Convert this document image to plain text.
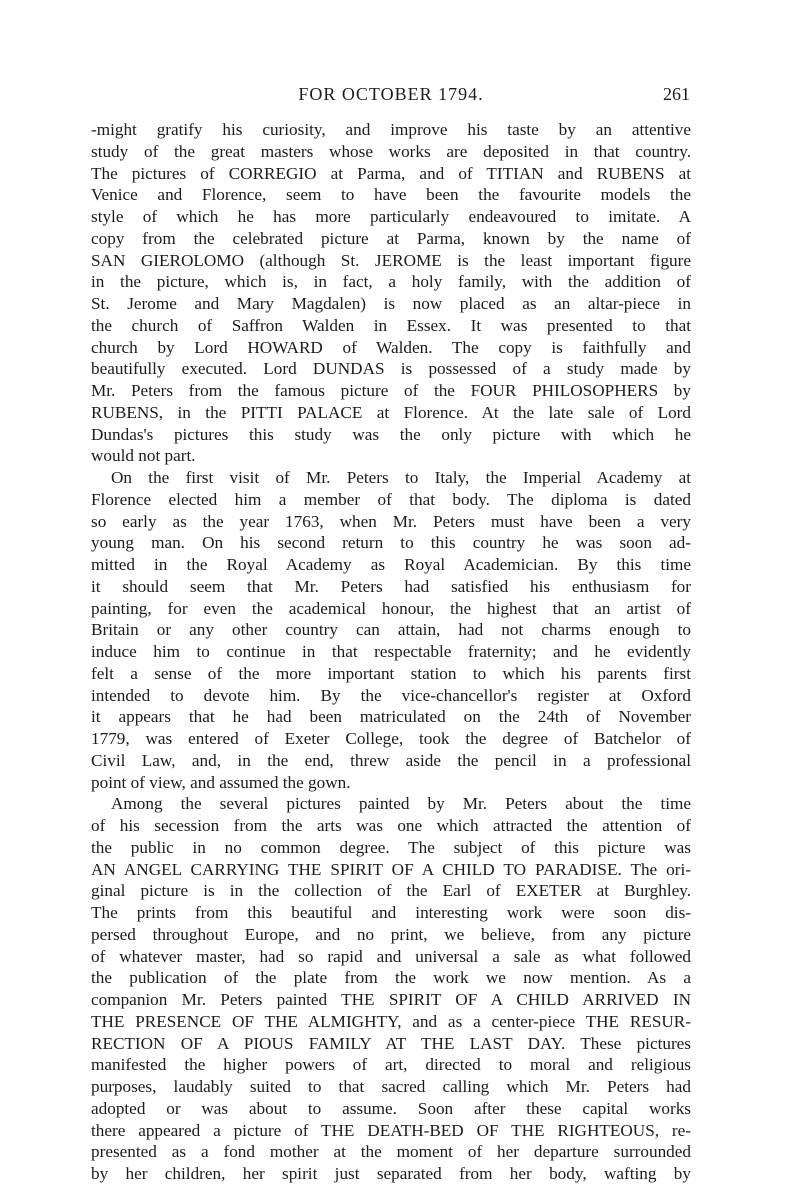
FOR OCTOBER 1794.	261
-might gratify his curiosity, and improve his taste by an attentive
study of the great masters whose works are deposited in that country.
The pictures of CORREGIO at Parma, and of TITIAN and RUBENS at
Venice and Florence, seem to have been the favourite models the
style of which he has more particularly endeavoured to imitate. A
copy from the celebrated picture at Parma, known by the name of
SAN GIEROLOMO (although St. JEROME is the least important figure
in the picture, which is, in fact, a holy family, with the addition of
St. Jerome and Mary Magdalen) is now placed as an altar-piece in
the church of Saffron Walden in Essex. It was presented to that
church by Lord HOWARD of Walden. The copy is faithfully and
beautifully executed. Lord DUNDAS is possessed of a study made by
Mr. Peters from the famous picture of the FOUR PHILOSOPHERS by
RUBENS, in the PITTI PALACE at Florence. At the late sale of Lord
Dundas's pictures this study was the only picture with which he
would not part.
On the first visit of Mr. Peters to Italy, the Imperial Academy at
Florence elected him a member of that body. The diploma is dated
so early as the year 1763, when Mr. Peters must have been a very
young man. On his second return to this country he was soon ad-
mitted in the Royal Academy as Royal Academician. By this time
it should seem that Mr. Peters had satisfied his enthusiasm for
painting, for even the academical honour, the highest that an artist of
Britain or any other country can attain, had not charms enough to
induce him to continue in that respectable fraternity; and he evidently
felt a sense of the more important station to which his parents first
intended to devote him. By the vice-chancellor's register at Oxford
it appears that he had been matriculated on the 24th of November
1779, was entered of Exeter College, took the degree of Batchelor of
Civil Law, and, in the end, threw aside the pencil in a professional
point of view, and assumed the gown.
Among the several pictures painted by Mr. Peters about the time
of his secession from the arts was one which attracted the attention of
the public in no common degree. The subject of this picture was
AN ANGEL CARRYING THE SPIRIT OF A CHILD TO PARADISE. The ori-
ginal picture is in the collection of the Earl of EXETER at Burghley.
The prints from this beautiful and interesting work were soon dis-
persed throughout Europe, and no print, we believe, from any picture
of whatever master, had so rapid and universal a sale as what followed
the publication of the plate from the work we now mention. As a
companion Mr. Peters painted THE SPIRIT OF A CHILD ARRIVED IN
THE PRESENCE OF THE ALMIGHTY, and as a center-piece THE RESUR-
RECTION OF A PIOUS FAMILY AT THE LAST DAY. These pictures
manifested the higher powers of art, directed to moral and religious
purposes, laudably suited to that sacred calling which Mr. Peters had
adopted or was about to assume. Soon after these capital works
there appeared a picture of THE DEATH-BED OF THE RIGHTEOUS, re-
presented as a fond mother at the moment of her departure surrounded
by her children, her spirit just separated from her body, wafting by
